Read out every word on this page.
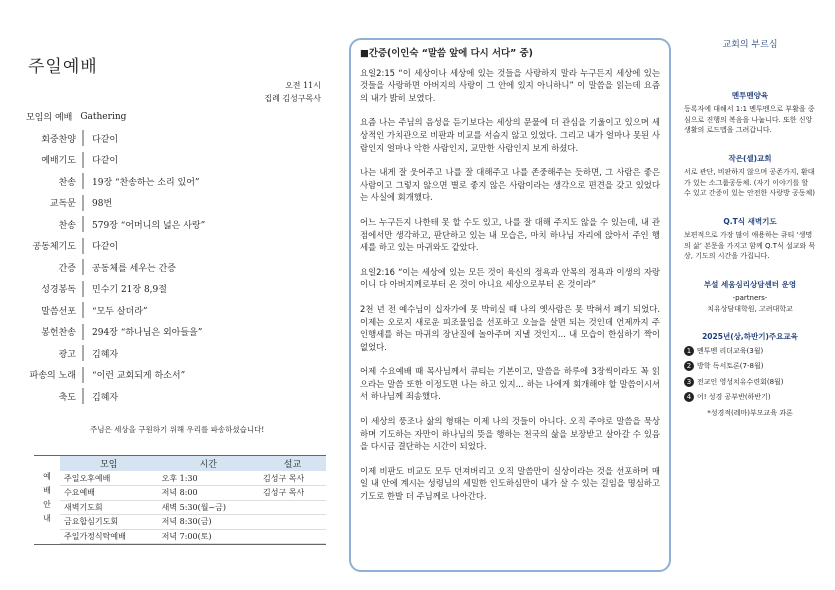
주일예배
오전 11시
집례 김성구목사
모임의 예배 Gathering
회중찬양	다같이
예배기도	다같이
찬송	19장 “찬송하는 소리 있어”
교독문	98번
찬송	579장 “어머니의 넓은 사랑”
공동체기도	다같이
간증	공동체를 세우는 간증
성경봉독	민수기 21장 8,9절
말씀선포	“모두 살더라”
봉헌찬송	294장 “하나님은 외아들을”
광고	김혜자
파송의 노래	“이런 교회되게 하소서”
축도	김혜자
주님은 세상을 구원하기 위해 우리를 파송하셨습니다!
예
배
안
내
모임	시간	설교
주일오후예배	오후 1:30	김성구 목사
수요예배	저녁 8:00	김성구 목사
새벽기도회	새벽 5:30(월~금)	
금요합심기도회	저녁 8:30(금)	
주일가정식탁예배	저녁 7:00(토)	
■간증(이인숙 “말씀 앞에 다시 서다” 중)

요일2:15 “이 세상이나 세상에 있는 것들을 사랑하지 말라 누구든지 세상에 있는 것들을 사랑하면 아버지의 사랑이 그 안에 있지 아니하니” 이 말씀을 읽는데 요즘의 내가 밝히 보였다.

요즘 나는 주님의 음성을 듣기보다는 세상의 문물에 더 관심을 기울이고 있으며 세상적인 가치관으로 비판과 비교를 서슴지 않고 있었다. 그리고 내가 얼마나 못된 사람인지 얼마나 악한 사람인지, 교만한 사람인지 보게 하셨다.

나는 내게 잘 웃어주고 나를 잘 대해주고 나를 존중해주는 듯하면, 그 사람은 좋은 사람이고 그렇지 않으면 별로 좋지 않은 사람이라는 생각으로 편견을 갖고 있었다는 사실에 회개했다.

어느 누구든지 나한테 못 할 수도 있고, 나를 잘 대해 주지도 않을 수 있는데, 내 관점에서만 생각하고, 판단하고 있는 내 모습은, 마치 하나님 자리에 앉아서 주인 행세를 하고 있는 마귀와도 같았다.

요일2:16 “이는 세상에 있는 모든 것이 육신의 정욕과 안목의 정욕과 이생의 자랑이니 다 아버지께로부터 온 것이 아니요 세상으로부터 온 것이라”

2천 년 전 예수님이 십자가에 못 박히실 때 나의 옛사람은 못 박혀서 폐기 되었다. 이제는 오로지 새로운 피조물임을 선포하고 오늘을 살면 되는 것인데 언제까지 주인행세를 하는 마귀의 장난질에 놀아주며 지낼 것인지... 내 모습이 한심하기 짝이 없었다.

어제 수요예배 때 목사님께서 큐티는 기본이고, 말씀을 하루에 3장씩이라도 꼭 읽으라는 말씀 또한 이정도면 나는 하고 있지... 하는 나에게 회개해야 할 말씀이시셔서 하나님께 죄송했다.

이 세상의 풍조나 삶의 형태는 이제 나의 것들이 아니다. 오직 주야로 말씀을 묵상하며 기도하는 자만이 하나님의 뜻을 행하는 천국의 삶을 보장받고 살아갈 수 있음을 다시금 결단하는 시간이 되었다.

이제 비판도 비교도 모두 던져버리고 오직 말씀만이 실상이라는 것을 선포하며 매일 내 안에 계시는 성령님의 세밀한 인도하심만이 내가 살 수 있는 길임을 명심하고 기도로 한발 더 주님께로 나아간다.

교회의 부르심
멘투멘양육
등록자에 대해서 1:1 멘투멘으로 부활을 중심으로 진행의 복음을 나눕니다. 또한 신앙생활의 로드맵을 그려갑니다.
작은(셀)교회
서로 관단, 비판하지 않으며 공존가지, 환대가 있는 소그룹공동체. (자기 이야기를 할 수 있고 간증이 있는 안전한 사랑방 공동체)
Q.T식 새벽기도
보편적으로 가장 많이 애용하는 큐티 ‘생명의 삶’ 본문을 가지고 함께 Q.T식 설교와 묵상, 기도의 시간을 가집니다.
부설 세움심리상담센터 운영
-partners-
치유상담대학원, 고려대학교
2025년(상,하반기)주요교육
1 멘투멘 리더교육(3월)
2 방학 독서토론(7-8월)
3 전교인 영성치유수련회(8월)
4 어! 성경 공부반(하반기)
*성경적(레마)부모교육 과론
